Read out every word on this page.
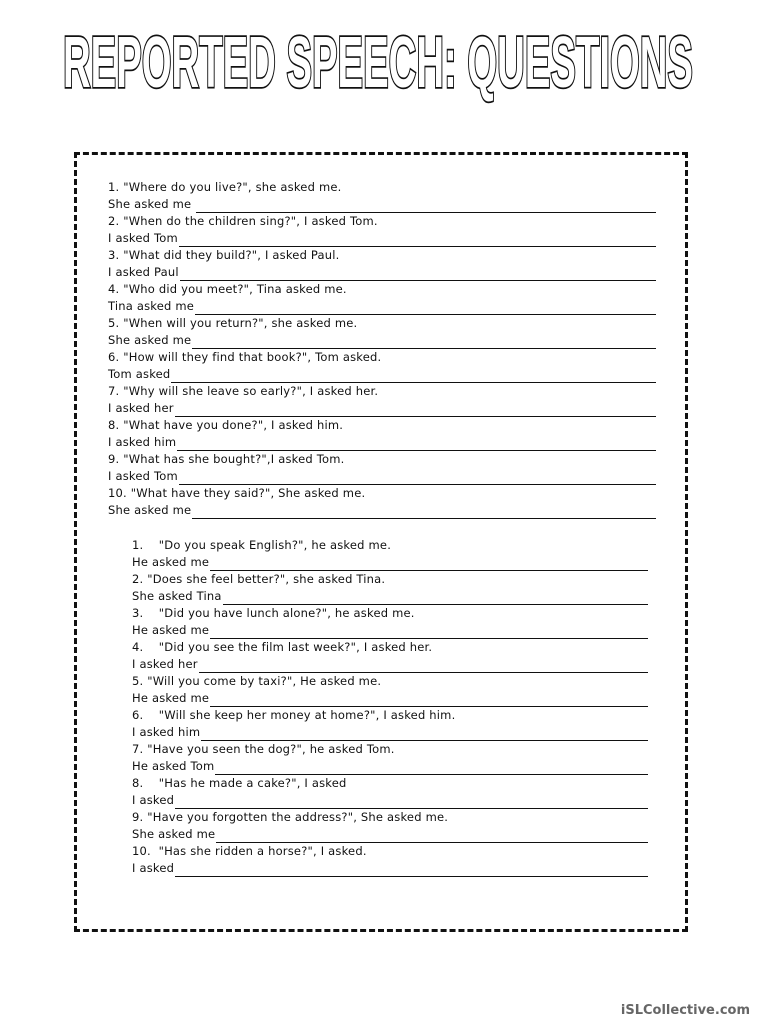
REPORTED SPEECH: QUESTIONS
1. "Where do you live?", she asked me.
She asked me
2. "When do the children sing?", I asked Tom.
I asked Tom
3. "What did they build?", I asked Paul.
I asked Paul
4. "Who did you meet?", Tina asked me.
Tina asked me
5. "When will you return?", she asked me.
She asked me
6. "How will they find that book?", Tom asked.
Tom asked
7. "Why will she leave so early?", I asked her.
I asked her
8. "What have you done?", I asked him.
I asked him
9. "What has she bought?",I asked Tom.
I asked Tom
10. "What have they said?", She asked me.
She asked me
1.    "Do you speak English?", he asked me.
He asked me
2. "Does she feel better?", she asked Tina.
She asked Tina
3.    "Did you have lunch alone?", he asked me.
He asked me
4.    "Did you see the film last week?", I asked her.
I asked her
5. "Will you come by taxi?", He asked me.
He asked me
6.    "Will she keep her money at home?", I asked him.
I asked him
7. "Have you seen the dog?", he asked Tom.
He asked Tom
8.    "Has he made a cake?", I asked
I asked
9. "Have you forgotten the address?", She asked me.
She asked me
10.  "Has she ridden a horse?", I asked.
I asked
iSLCollective.com
